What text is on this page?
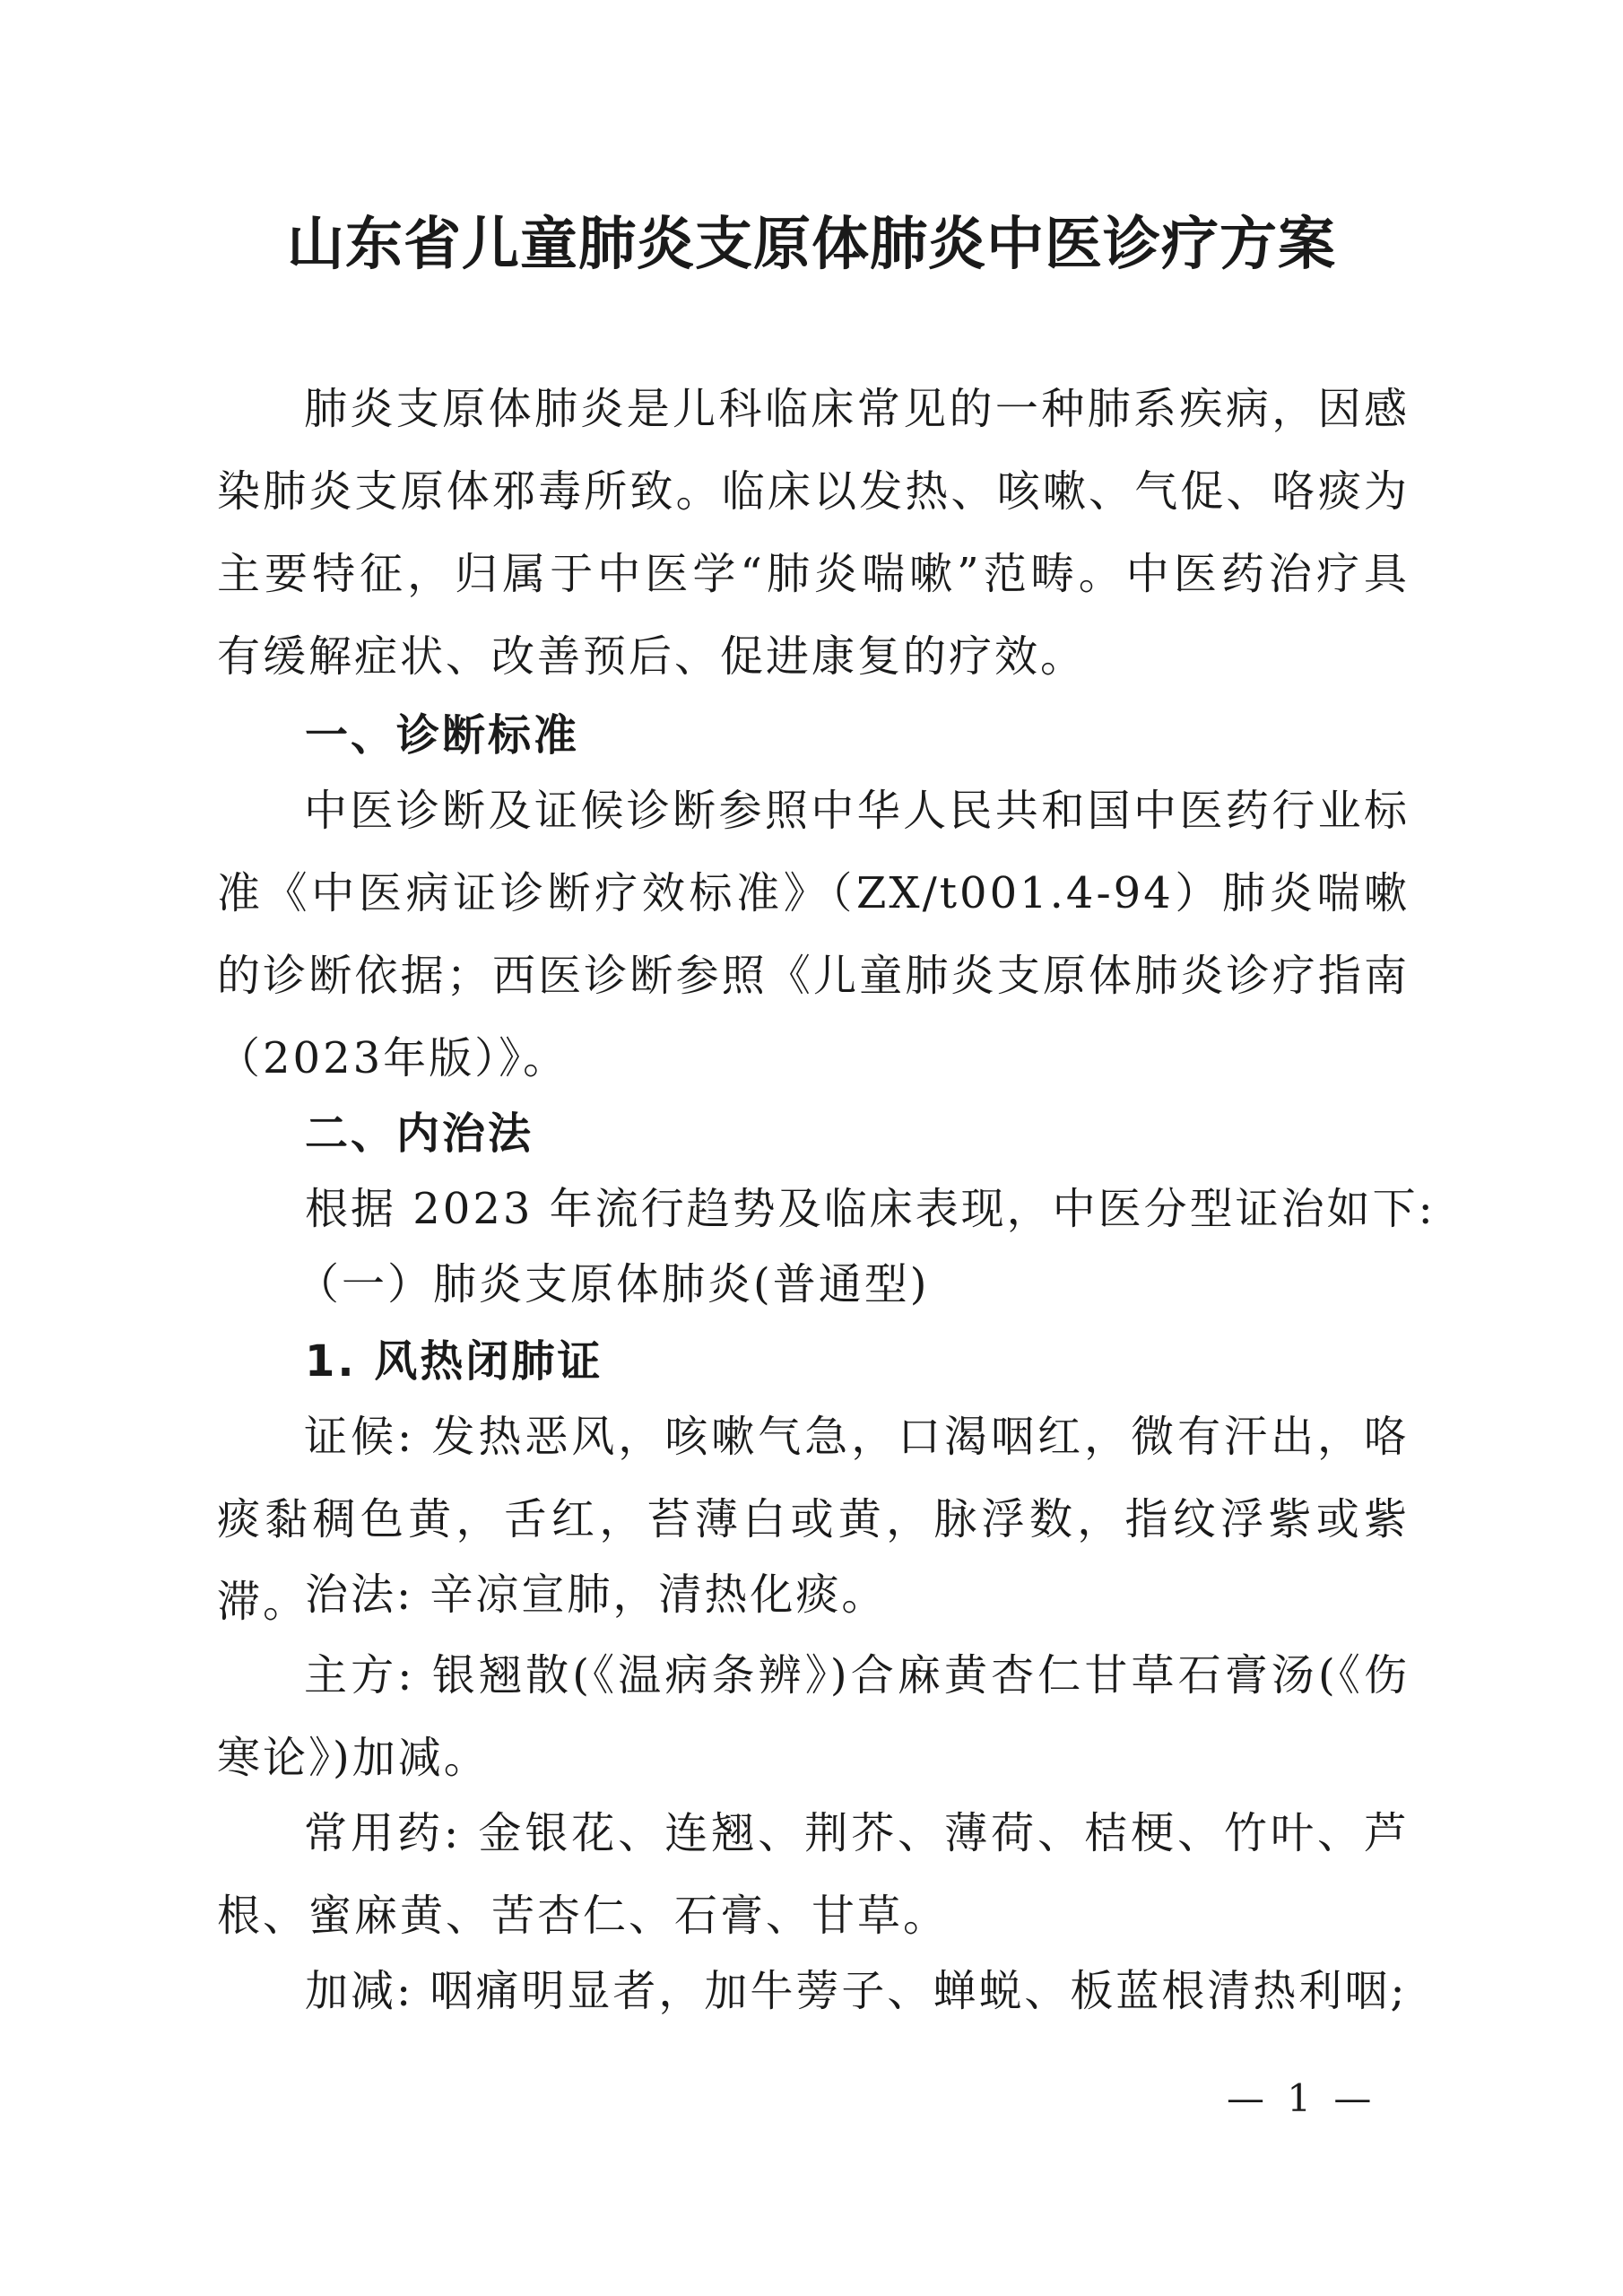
山东省儿童肺炎支原体肺炎中医诊疗方案

肺炎支原体肺炎是儿科临床常见的一种肺系疾病，因感染肺炎支原体邪毒所致。临床以发热、咳嗽、气促、咯痰为主要特征，归属于中医学“肺炎喘嗽”范畴。中医药治疗具有缓解症状、改善预后、促进康复的疗效。

一、诊断标准

中医诊断及证候诊断参照中华人民共和国中医药行业标准《中医病证诊断疗效标准》（ZX/t001.4-94）肺炎喘嗽的诊断依据；西医诊断参照《儿童肺炎支原体肺炎诊疗指南（2023年版）》。

二、内治法
根据 2023 年流行趋势及临床表现，中医分型证治如下:
（一）肺炎支原体肺炎(普通型)
1. 风热闭肺证

证候: 发热恶风，咳嗽气急，口渴咽红，微有汗出，咯痰黏稠色黄，舌红，苔薄白或黄，脉浮数，指纹浮紫或紫滞。

治法: 辛凉宣肺，清热化痰。

主方: 银翘散(《温病条辨》)合麻黄杏仁甘草石膏汤(《伤寒论》)加减。

常用药: 金银花、连翘、荆芥、薄荷、桔梗、竹叶、芦根、蜜麻黄、苦杏仁、石膏、甘草。

加减: 咽痛明显者，加牛蒡子、蝉蜕、板蓝根清热利咽;
— 1 —
